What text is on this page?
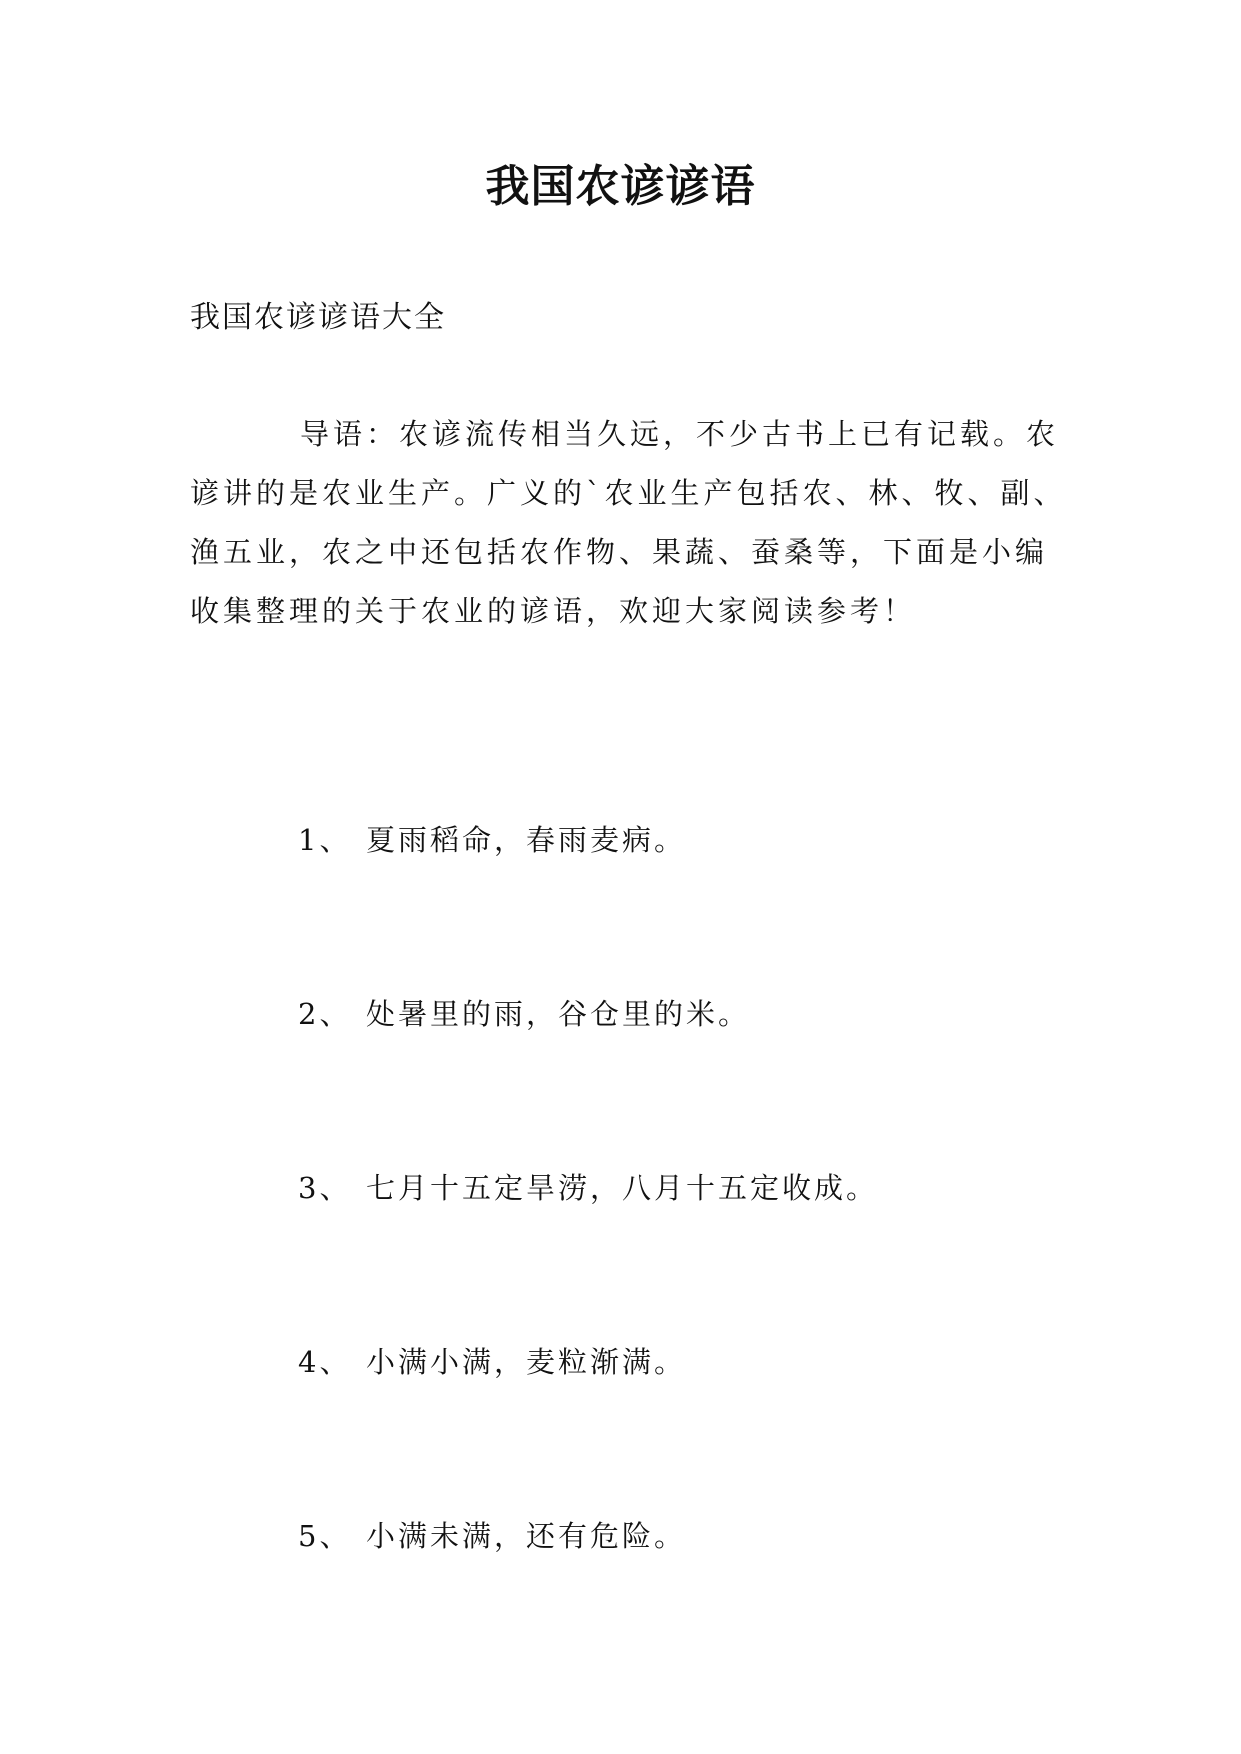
我国农谚谚语
我国农谚谚语大全

导语：农谚流传相当久远，不少古书上已有记载。农谚讲的是农业生产。广义的`农业生产包括农、林、牧、副、渔五业，农之中还包括农作物、果蔬、蚕桑等，下面是小编收集整理的关于农业的谚语，欢迎大家阅读参考！

1、 夏雨稻命，春雨麦病。
2、 处暑里的雨，谷仓里的米。
3、 七月十五定旱涝，八月十五定收成。
4、 小满小满，麦粒渐满。
5、 小满未满，还有危险。
